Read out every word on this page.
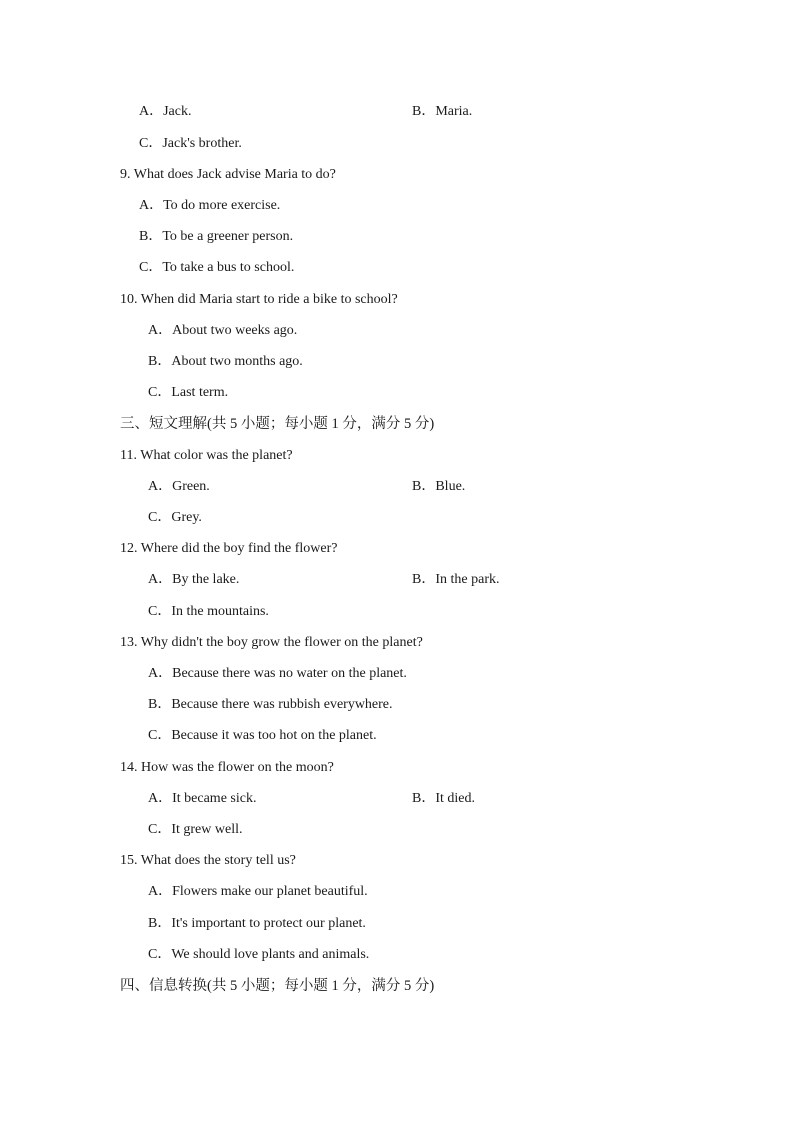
A．Jack.	B．Maria.
C．Jack's brother.
9. What does Jack advise Maria to do?
A．To do more exercise.
B．To be a greener person.
C．To take a bus to school.
10. When did Maria start to ride a bike to school?
A．About two weeks ago.
B．About two months ago.
C．Last term.
三、短文理解(共 5 小题；每小题 1 分，满分 5 分)
11. What color was the planet?
A．Green.	B．Blue.
C．Grey.
12. Where did the boy find the flower?
A．By the lake.	B．In the park.
C．In the mountains.
13. Why didn't the boy grow the flower on the planet?
A．Because there was no water on the planet.
B．Because there was rubbish everywhere.
C．Because it was too hot on the planet.
14. How was the flower on the moon?
A．It became sick.	B．It died.
C．It grew well.
15. What does the story tell us?
A．Flowers make our planet beautiful.
B．It's important to protect our planet.
C．We should love plants and animals.
四、信息转换(共 5 小题；每小题 1 分，满分 5 分)
